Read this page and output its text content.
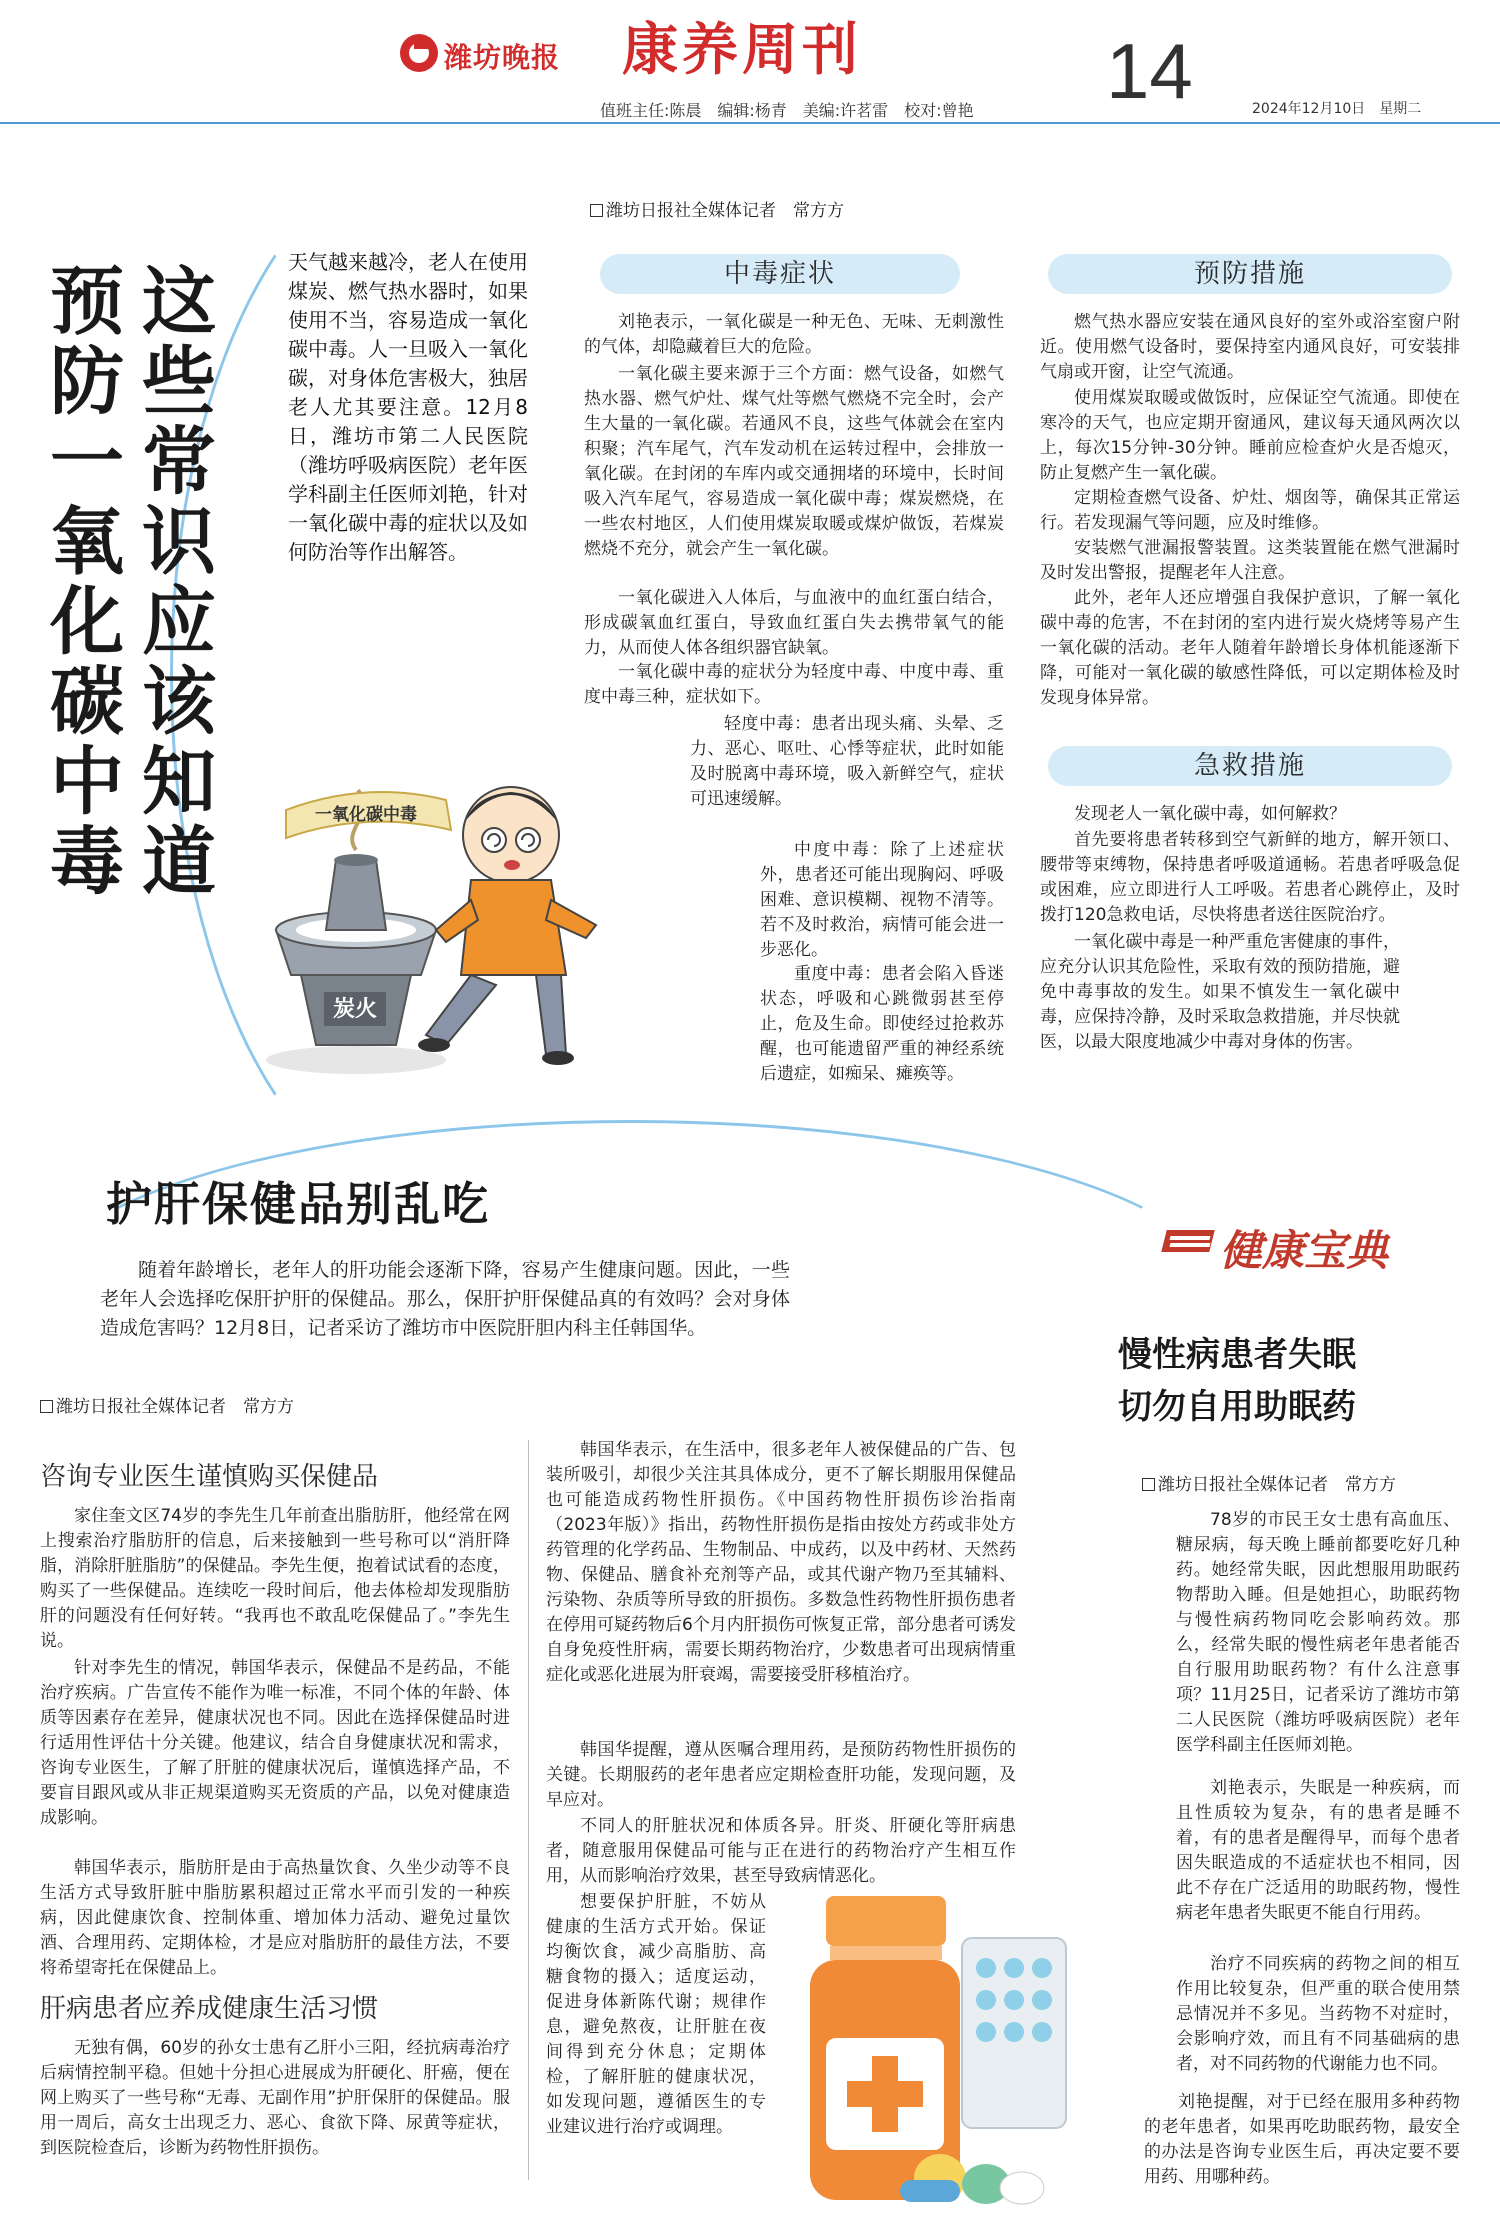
潍坊晚报 康养周刊	14
值班主任:陈晨　编辑:杨青　美编:许茗雷　校对:曾艳	2024年12月10日　星期二
这些常识应该知道
预防一氧化碳中毒	天气越来越冷，老人在使用煤炭、燃气热水器时，如果使用不当，容易造成一氧化碳中毒。人一旦吸入一氧化碳，对身体危害极大，独居老人尤其要注意。12月8日，潍坊市第二人民医院（潍坊呼吸病医院）老年医学科副主任医师刘艳，针对一氧化碳中毒的症状以及如何防治等作出解答。
潍坊日报社全媒体记者　常方方
炭火
一氧化碳中毒
中毒症状
刘艳表示，一氧化碳是一种无色、无味、无刺激性的气体，却隐藏着巨大的危险。
一氧化碳主要来源于三个方面：燃气设备，如燃气热水器、燃气炉灶、煤气灶等燃气燃烧不完全时，会产生大量的一氧化碳。若通风不良，这些气体就会在室内积聚；汽车尾气，汽车发动机在运转过程中，会排放一氧化碳。在封闭的车库内或交通拥堵的环境中，长时间吸入汽车尾气，容易造成一氧化碳中毒；煤炭燃烧，在一些农村地区，人们使用煤炭取暖或煤炉做饭，若煤炭燃烧不充分，就会产生一氧化碳。
一氧化碳进入人体后，与血液中的血红蛋白结合，形成碳氧血红蛋白，导致血红蛋白失去携带氧气的能力，从而使人体各组织器官缺氧。
一氧化碳中毒的症状分为轻度中毒、中度中毒、重度中毒三种，症状如下。
轻度中毒：患者出现头痛、头晕、乏力、恶心、呕吐、心悸等症状，此时如能及时脱离中毒环境，吸入新鲜空气，症状可迅速缓解。
中度中毒：除了上述症状外，患者还可能出现胸闷、呼吸困难、意识模糊、视物不清等。若不及时救治，病情可能会进一步恶化。
重度中毒：患者会陷入昏迷状态，呼吸和心跳微弱甚至停止，危及生命。即使经过抢救苏醒，也可能遗留严重的神经系统后遗症，如痴呆、瘫痪等。
预防措施
燃气热水器应安装在通风良好的室外或浴室窗户附近。使用燃气设备时，要保持室内通风良好，可安装排气扇或开窗，让空气流通。
使用煤炭取暖或做饭时，应保证空气流通。即使在寒冷的天气，也应定期开窗通风，建议每天通风两次以上，每次15分钟-30分钟。睡前应检查炉火是否熄灭，防止复燃产生一氧化碳。
定期检查燃气设备、炉灶、烟囱等，确保其正常运行。若发现漏气等问题，应及时维修。
安装燃气泄漏报警装置。这类装置能在燃气泄漏时及时发出警报，提醒老年人注意。
此外，老年人还应增强自我保护意识，了解一氧化碳中毒的危害，不在封闭的室内进行炭火烧烤等易产生一氧化碳的活动。老年人随着年龄增长身体机能逐渐下降，可能对一氧化碳的敏感性降低，可以定期体检及时发现身体异常。
急救措施
发现老人一氧化碳中毒，如何解救？
首先要将患者转移到空气新鲜的地方，解开领口、腰带等束缚物，保持患者呼吸道通畅。若患者呼吸急促或困难，应立即进行人工呼吸。若患者心跳停止，及时拨打120急救电话，尽快将患者送往医院治疗。
一氧化碳中毒是一种严重危害健康的事件，应充分认识其危险性，采取有效的预防措施，避免中毒事故的发生。如果不慎发生一氧化碳中毒，应保持冷静，及时采取急救措施，并尽快就医，以最大限度地减少中毒对身体的伤害。
护肝保健品别乱吃
随着年龄增长，老年人的肝功能会逐渐下降，容易产生健康问题。因此，一些老年人会选择吃保肝护肝的保健品。那么，保肝护肝保健品真的有效吗？会对身体造成危害吗？12月8日，记者采访了潍坊市中医院肝胆内科主任韩国华。
潍坊日报社全媒体记者　常方方
咨询专业医生谨慎购买保健品
家住奎文区74岁的李先生几年前查出脂肪肝，他经常在网上搜索治疗脂肪肝的信息，后来接触到一些号称可以“消肝降脂，消除肝脏脂肪”的保健品。李先生便，抱着试试看的态度，购买了一些保健品。连续吃一段时间后，他去体检却发现脂肪肝的问题没有任何好转。“我再也不敢乱吃保健品了。”李先生说。
针对李先生的情况，韩国华表示，保健品不是药品，不能治疗疾病。广告宣传不能作为唯一标准，不同个体的年龄、体质等因素存在差异，健康状况也不同。因此在选择保健品时进行适用性评估十分关键。他建议，结合自身健康状况和需求，咨询专业医生，了解了肝脏的健康状况后，谨慎选择产品，不要盲目跟风或从非正规渠道购买无资质的产品，以免对健康造成影响。
韩国华表示，脂肪肝是由于高热量饮食、久坐少动等不良生活方式导致肝脏中脂肪累积超过正常水平而引发的一种疾病，因此健康饮食、控制体重、增加体力活动、避免过量饮酒、合理用药、定期体检，才是应对脂肪肝的最佳方法，不要将希望寄托在保健品上。
肝病患者应养成健康生活习惯
无独有偶，60岁的孙女士患有乙肝小三阳，经抗病毒治疗后病情控制平稳。但她十分担心进展成为肝硬化、肝癌，便在网上购买了一些号称“无毒、无副作用”护肝保肝的保健品。服用一周后，高女士出现乏力、恶心、食欲下降、尿黄等症状，到医院检查后，诊断为药物性肝损伤。
韩国华表示，在生活中，很多老年人被保健品的广告、包装所吸引，却很少关注其具体成分，更不了解长期服用保健品也可能造成药物性肝损伤。《中国药物性肝损伤诊治指南（2023年版）》指出，药物性肝损伤是指由按处方药或非处方药管理的化学药品、生物制品、中成药，以及中药材、天然药物、保健品、膳食补充剂等产品，或其代谢产物乃至其辅料、污染物、杂质等所导致的肝损伤。多数急性药物性肝损伤患者在停用可疑药物后6个月内肝损伤可恢复正常，部分患者可诱发自身免疫性肝病，需要长期药物治疗，少数患者可出现病情重症化或恶化进展为肝衰竭，需要接受肝移植治疗。
韩国华提醒，遵从医嘱合理用药，是预防药物性肝损伤的关键。长期服药的老年患者应定期检查肝功能，发现问题，及早应对。
不同人的肝脏状况和体质各异。肝炎、肝硬化等肝病患者，随意服用保健品可能与正在进行的药物治疗产生相互作用，从而影响治疗效果，甚至导致病情恶化。
想要保护肝脏，不妨从健康的生活方式开始。保证均衡饮食，减少高脂肪、高糖食物的摄入；适度运动，促进身体新陈代谢；规律作息，避免熬夜，让肝脏在夜间得到充分休息；定期体检，了解肝脏的健康状况，如发现问题，遵循医生的专业建议进行治疗或调理。
健康宝典
慢性病患者失眠
切勿自用助眠药
潍坊日报社全媒体记者　常方方
78岁的市民王女士患有高血压、糖尿病，每天晚上睡前都要吃好几种药。她经常失眠，因此想服用助眠药物帮助入睡。但是她担心，助眠药物与慢性病药物同吃会影响药效。那么，经常失眠的慢性病老年患者能否自行服用助眠药物？有什么注意事项？11月25日，记者采访了潍坊市第二人民医院（潍坊呼吸病医院）老年医学科副主任医师刘艳。
刘艳表示，失眠是一种疾病，而且性质较为复杂，有的患者是睡不着，有的患者是醒得早，而每个患者因失眠造成的不适症状也不相同，因此不存在广泛适用的助眠药物，慢性病老年患者失眠更不能自行用药。
治疗不同疾病的药物之间的相互作用比较复杂，但严重的联合使用禁忌情况并不多见。当药物不对症时，会影响疗效，而且有不同基础病的患者，对不同药物的代谢能力也不同。
刘艳提醒，对于已经在服用多种药物的老年患者，如果再吃助眠药物，最安全的办法是咨询专业医生后，再决定要不要用药、用哪种药。
